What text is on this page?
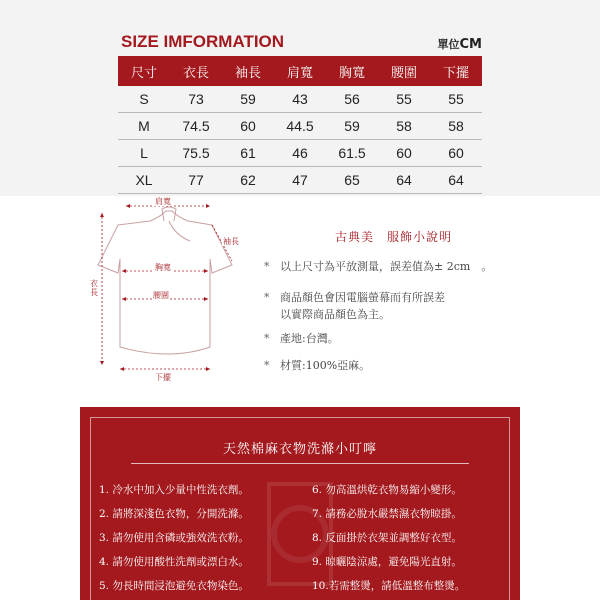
SIZE IMFORMATION	單位CM
尺寸	衣長	袖長	肩寬	胸寬	腰圍	下擺
S	73	59	43	56	55	55
M	74.5	60	44.5	59	58	58
L	75.5	61	46	61.5	60	60
XL	77	62	47	65	64	64
肩寬
袖長
衣長
胸寬
腰圍
下擺
古典美　服飾小說明
* 以上尺寸為平放測量，誤差值為± 2cm　。
* 商品顏色會因電腦螢幕而有所誤差
以實際商品顏色為主。
* 產地:台灣。
* 材質:100%亞麻。
天然棉麻衣物洗滌小叮嚀
1. 冷水中加入少量中性洗衣劑。
2. 請將深淺色衣物，分開洗滌。
3. 請勿使用含磷或強效洗衣粉。
4. 請勿使用酸性洗劑或漂白水。
5. 勿長時間浸泡避免衣物染色。
6. 勿高溫烘乾衣物易縮小變形。
7. 請務必脫水嚴禁濕衣物晾掛。
8. 反面掛於衣架並調整好衣型。
9. 晾曬陰涼處，避免陽光直射。
10.若需整燙，請低溫整布整燙。
